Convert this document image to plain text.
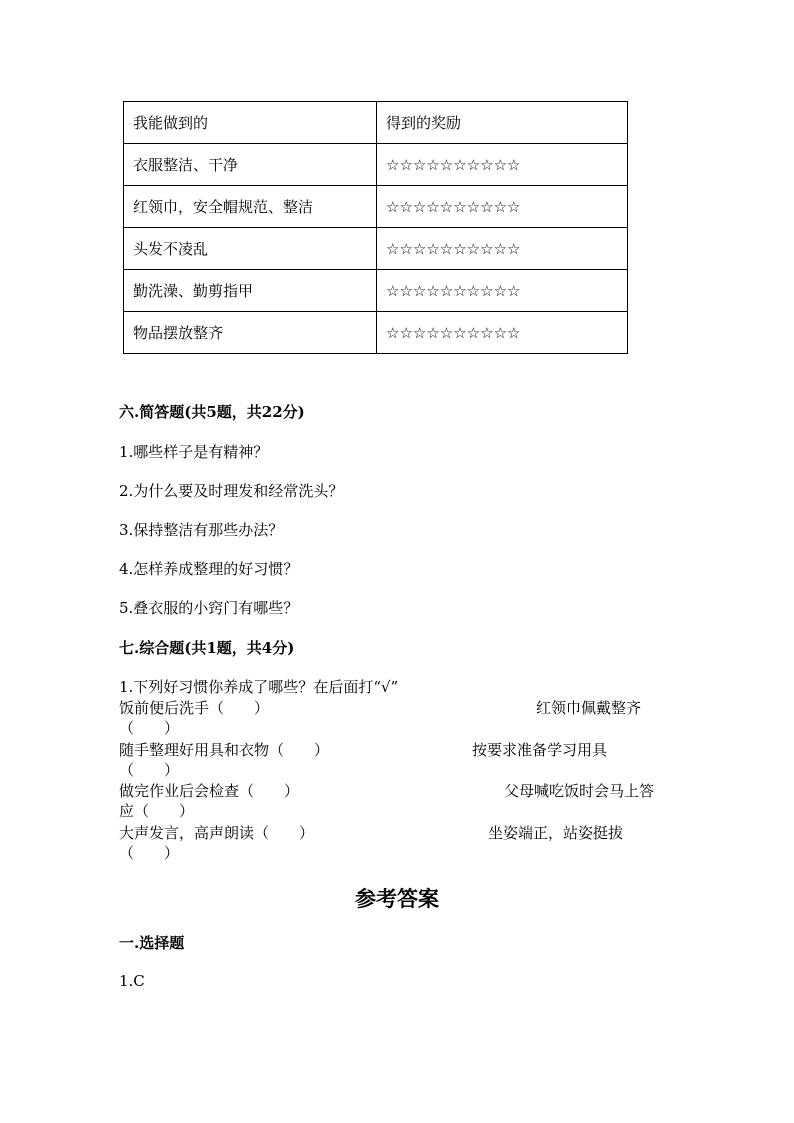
我能做到的	得到的奖励
衣服整洁、干净	☆☆☆☆☆☆☆☆☆☆
红领巾，安全帽规范、整洁	☆☆☆☆☆☆☆☆☆☆
头发不凌乱	☆☆☆☆☆☆☆☆☆☆
勤洗澡、勤剪指甲	☆☆☆☆☆☆☆☆☆☆
物品摆放整齐	☆☆☆☆☆☆☆☆☆☆
六.简答题(共5题，共22分)
1.哪些样子是有精神？
2.为什么要及时理发和经常洗头？
3.保持整洁有那些办法？
4.怎样养成整理的好习惯？
5.叠衣服的小窍门有哪些？
七.综合题(共1题，共4分)
1.下列好习惯你养成了哪些？在后面打“√”
饭前便后洗手（　　）	红领巾佩戴整齐
（　　）
随手整理好用具和衣物（　　）	按要求准备学习用具
（　　）
做完作业后会检查（　　）	父母喊吃饭时会马上答
应（　　）
大声发言，高声朗读（　　）	坐姿端正，站姿挺拔
（　　）
参考答案
一.选择题
1.C
